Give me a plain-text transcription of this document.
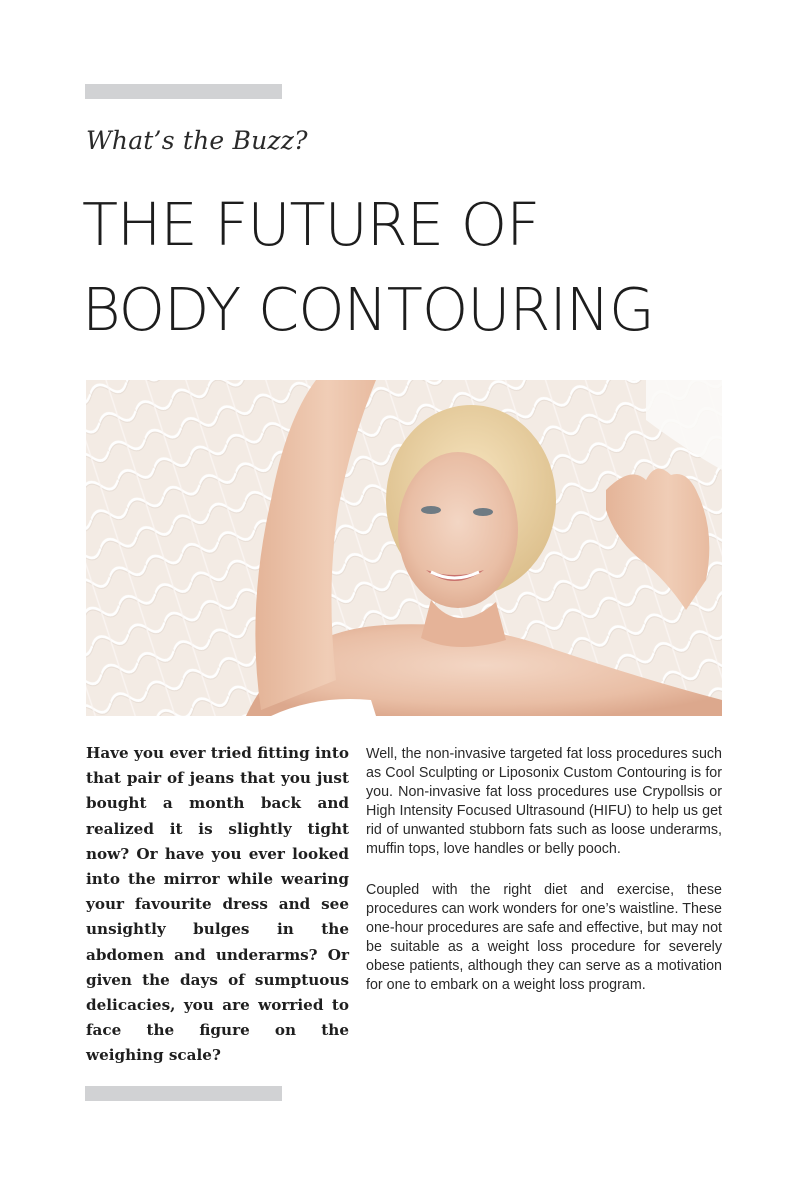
What’s the Buzz?
THE FUTURE OF
BODY CONTOURING

Have you ever tried fitting into that pair of jeans that you just bought a month back and realized it is slightly tight now? Or have you ever looked into the mirror while wearing your favourite dress and see unsightly bulges in the abdomen and underarms? Or given the days of sumptuous delicacies, you are worried to face the figure on the weighing scale?

Well, the non-invasive targeted fat loss procedures such as Cool Sculpting or Liposonix Custom Contouring is for you. Non-invasive fat loss procedures use Crypollsis or High Intensity Focused Ultrasound (HIFU) to help us get rid of unwanted stubborn fats such as loose underarms, muffin tops, love handles or belly pooch.

Coupled with the right diet and exercise, these procedures can work wonders for one’s waistline. These one-hour procedures are safe and effective, but may not be suitable as a weight loss procedure for severely obese patients, although they can serve as a motivation for one to embark on a weight loss program.
